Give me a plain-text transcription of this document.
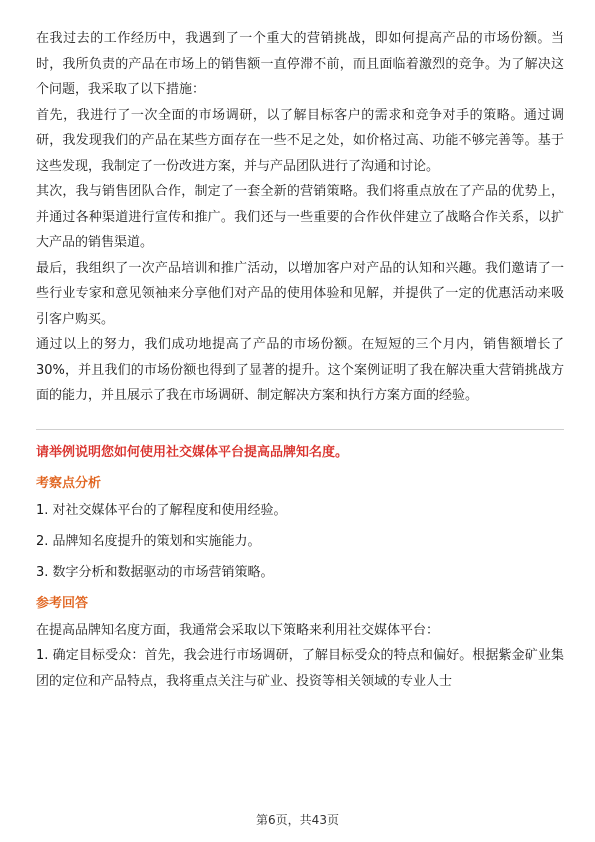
在我过去的工作经历中，我遇到了一个重大的营销挑战，即如何提高产品的市场份额。当时，我所负责的产品在市场上的销售额一直停滞不前，而且面临着激烈的竞争。为了解决这个问题，我采取了以下措施：

首先，我进行了一次全面的市场调研，以了解目标客户的需求和竞争对手的策略。通过调研，我发现我们的产品在某些方面存在一些不足之处，如价格过高、功能不够完善等。基于这些发现，我制定了一份改进方案，并与产品团队进行了沟通和讨论。

其次，我与销售团队合作，制定了一套全新的营销策略。我们将重点放在了产品的优势上，并通过各种渠道进行宣传和推广。我们还与一些重要的合作伙伴建立了战略合作关系，以扩大产品的销售渠道。

最后，我组织了一次产品培训和推广活动，以增加客户对产品的认知和兴趣。我们邀请了一些行业专家和意见领袖来分享他们对产品的使用体验和见解，并提供了一定的优惠活动来吸引客户购买。

通过以上的努力，我们成功地提高了产品的市场份额。在短短的三个月内，销售额增长了30%，并且我们的市场份额也得到了显著的提升。这个案例证明了我在解决重大营销挑战方面的能力，并且展示了我在市场调研、制定解决方案和执行方案方面的经验。

请举例说明您如何使用社交媒体平台提高品牌知名度。

考察点分析

1. 对社交媒体平台的了解程度和使用经验。

2. 品牌知名度提升的策划和实施能力。

3. 数字分析和数据驱动的市场营销策略。

参考回答

在提高品牌知名度方面，我通常会采取以下策略来利用社交媒体平台：

1. 确定目标受众：首先，我会进行市场调研，了解目标受众的特点和偏好。根据紫金矿业集团的定位和产品特点，我将重点关注与矿业、投资等相关领域的专业人士

第6页，共43页
